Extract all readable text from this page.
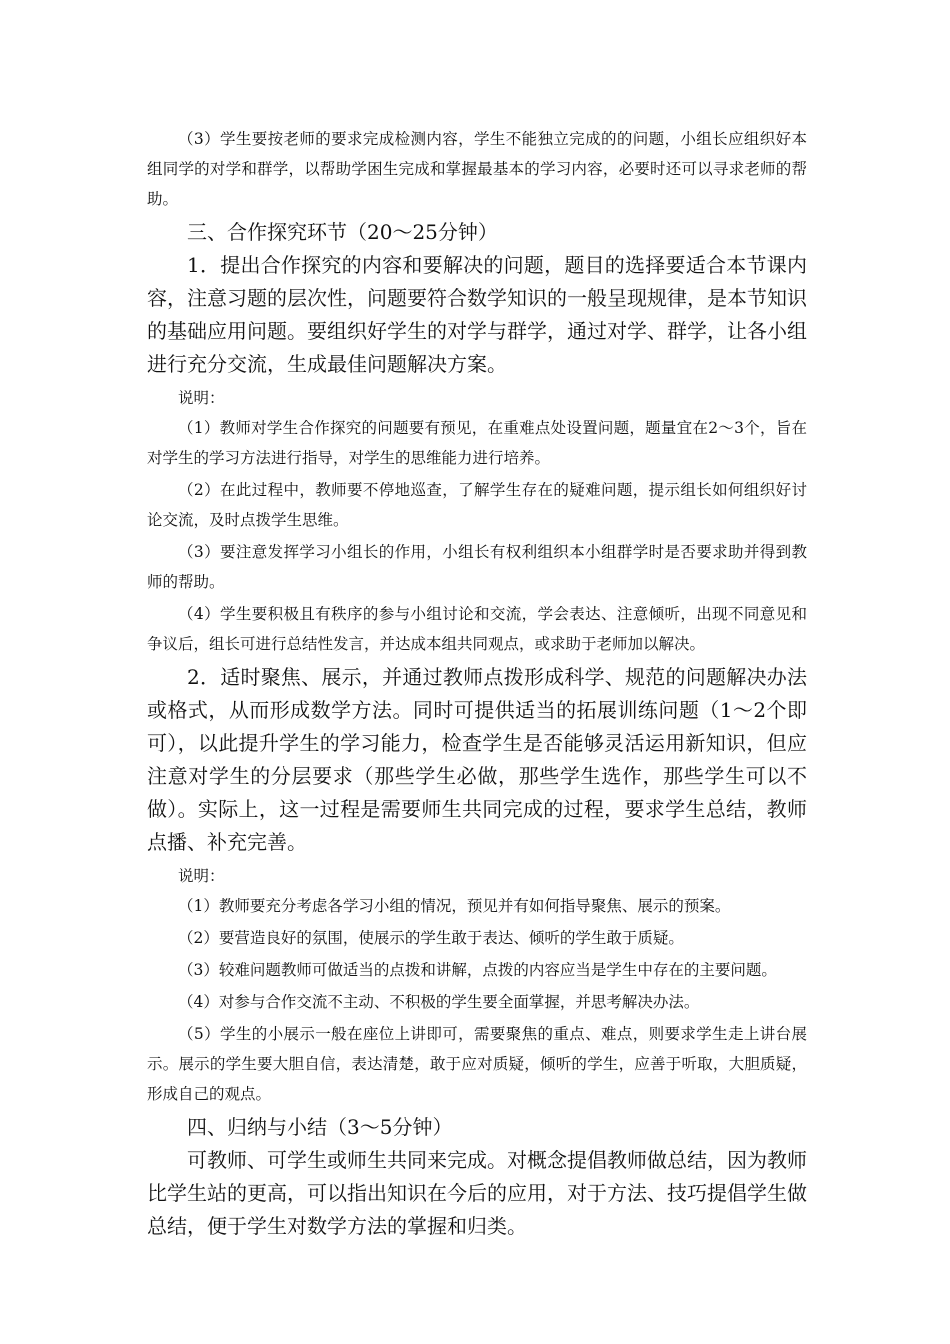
（3）学生要按老师的要求完成检测内容，学生不能独立完成的的问题，小组长应组织好本组同学的对学和群学，以帮助学困生完成和掌握最基本的学习内容，必要时还可以寻求老师的帮助。

三、合作探究环节（20～25分钟）

1．提出合作探究的内容和要解决的问题，题目的选择要适合本节课内容，注意习题的层次性，问题要符合数学知识的一般呈现规律，是本节知识的基础应用问题。要组织好学生的对学与群学，通过对学、群学，让各小组进行充分交流，生成最佳问题解决方案。

说明：

（1）教师对学生合作探究的问题要有预见，在重难点处设置问题，题量宜在2～3个，旨在对学生的学习方法进行指导，对学生的思维能力进行培养。

（2）在此过程中，教师要不停地巡查，了解学生存在的疑难问题，提示组长如何组织好讨论交流，及时点拨学生思维。

（3）要注意发挥学习小组长的作用，小组长有权利组织本小组群学时是否要求助并得到教师的帮助。

（4）学生要积极且有秩序的参与小组讨论和交流，学会表达、注意倾听，出现不同意见和争议后，组长可进行总结性发言，并达成本组共同观点，或求助于老师加以解决。

2．适时聚焦、展示，并通过教师点拨形成科学、规范的问题解决办法或格式，从而形成数学方法。同时可提供适当的拓展训练问题（1～2个即可），以此提升学生的学习能力，检查学生是否能够灵活运用新知识，但应注意对学生的分层要求（那些学生必做，那些学生选作，那些学生可以不做）。实际上，这一过程是需要师生共同完成的过程，要求学生总结，教师点播、补充完善。

说明：

（1）教师要充分考虑各学习小组的情况，预见并有如何指导聚焦、展示的预案。

（2）要营造良好的氛围，使展示的学生敢于表达、倾听的学生敢于质疑。

（3）较难问题教师可做适当的点拨和讲解，点拨的内容应当是学生中存在的主要问题。

（4）对参与合作交流不主动、不积极的学生要全面掌握，并思考解决办法。

（5）学生的小展示一般在座位上讲即可，需要聚焦的重点、难点，则要求学生走上讲台展示。展示的学生要大胆自信，表达清楚，敢于应对质疑，倾听的学生，应善于听取，大胆质疑，形成自己的观点。

四、归纳与小结（3～5分钟）

可教师、可学生或师生共同来完成。对概念提倡教师做总结，因为教师比学生站的更高，可以指出知识在今后的应用，对于方法、技巧提倡学生做总结，便于学生对数学方法的掌握和归类。
